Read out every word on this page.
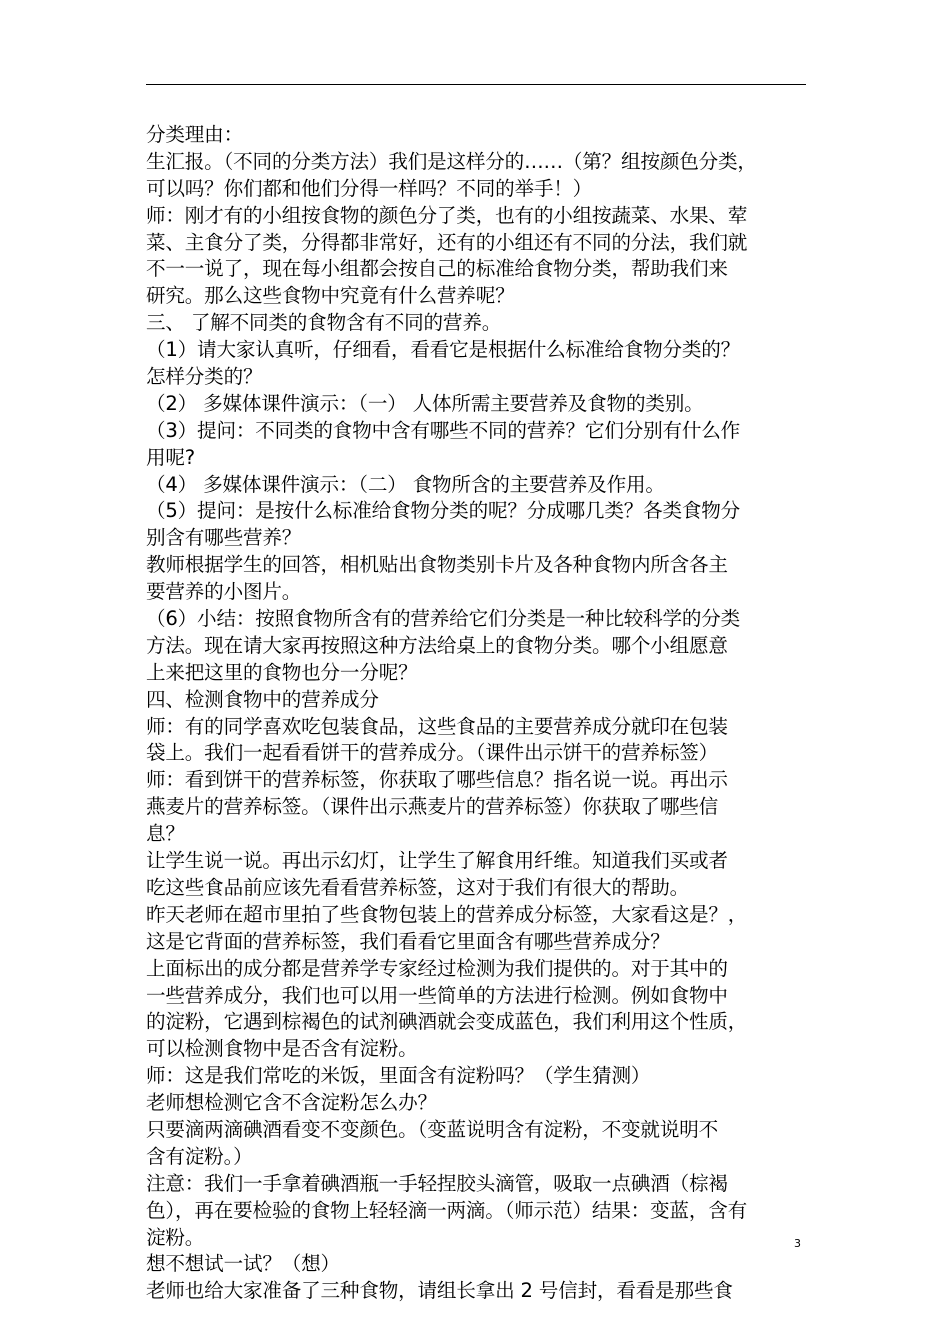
分类理由：
生汇报。（不同的分类方法）我们是这样分的……（第？组按颜色分类，
可以吗？你们都和他们分得一样吗？不同的举手！）
师：刚才有的小组按食物的颜色分了类，也有的小组按蔬菜、水果、荤
菜、主食分了类，分得都非常好，还有的小组还有不同的分法，我们就
不一一说了，现在每小组都会按自己的标准给食物分类，帮助我们来
研究。那么这些食物中究竟有什么营养呢？
三、 了解不同类的食物含有不同的营养。
（1）请大家认真听，仔细看，看看它是根据什么标准给食物分类的？
怎样分类的？
（2） 多媒体课件演示：（一） 人体所需主要营养及食物的类别。
（3）提问：不同类的食物中含有哪些不同的营养？它们分别有什么作
用呢?
（4） 多媒体课件演示：（二） 食物所含的主要营养及作用。
（5）提问：是按什么标准给食物分类的呢？分成哪几类？各类食物分
别含有哪些营养？
教师根据学生的回答，相机贴出食物类别卡片及各种食物内所含各主
要营养的小图片。
（6）小结：按照食物所含有的营养给它们分类是一种比较科学的分类
方法。现在请大家再按照这种方法给桌上的食物分类。哪个小组愿意
上来把这里的食物也分一分呢？
四、检测食物中的营养成分
师：有的同学喜欢吃包装食品，这些食品的主要营养成分就印在包装
袋上。我们一起看看饼干的营养成分。（课件出示饼干的营养标签）
师：看到饼干的营养标签，你获取了哪些信息？指名说一说。再出示
燕麦片的营养标签。（课件出示燕麦片的营养标签）你获取了哪些信
息？
让学生说一说。再出示幻灯，让学生了解食用纤维。知道我们买或者
吃这些食品前应该先看看营养标签，这对于我们有很大的帮助。
昨天老师在超市里拍了些食物包装上的营养成分标签，大家看这是？，
这是它背面的营养标签，我们看看它里面含有哪些营养成分？
上面标出的成分都是营养学专家经过检测为我们提供的。对于其中的
一些营养成分，我们也可以用一些简单的方法进行检测。例如食物中
的淀粉，它遇到棕褐色的试剂碘酒就会变成蓝色，我们利用这个性质，
可以检测食物中是否含有淀粉。
师：这是我们常吃的米饭，里面含有淀粉吗？（学生猜测）
老师想检测它含不含淀粉怎么办？
只要滴两滴碘酒看变不变颜色。（变蓝说明含有淀粉，不变就说明不
含有淀粉。）
注意：我们一手拿着碘酒瓶一手轻捏胶头滴管，吸取一点碘酒（棕褐
色），再在要检验的食物上轻轻滴一两滴。（师示范）结果：变蓝，含有
淀粉。
想不想试一试？（想）
老师也给大家准备了三种食物，请组长拿出 2 号信封，看看是那些食
3
